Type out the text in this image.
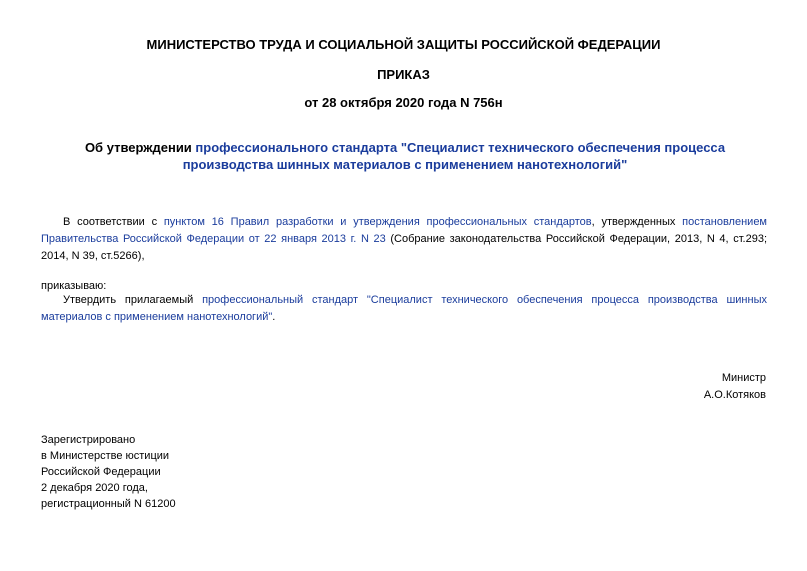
МИНИСТЕРСТВО ТРУДА И СОЦИАЛЬНОЙ ЗАЩИТЫ РОССИЙСКОЙ ФЕДЕРАЦИИ
ПРИКАЗ
от 28 октября 2020 года N 756н
Об утверждении профессионального стандарта "Специалист технического обеспечения процесса производства шинных материалов с применением нанотехнологий"
В соответствии с пунктом 16 Правил разработки и утверждения профессиональных стандартов, утвержденных постановлением Правительства Российской Федерации от 22 января 2013 г. N 23 (Собрание законодательства Российской Федерации, 2013, N 4, ст.293; 2014, N 39, ст.5266),
приказываю:
Утвердить прилагаемый профессиональный стандарт "Специалист технического обеспечения процесса производства шинных материалов с применением нанотехнологий".
Министр
А.О.Котяков
Зарегистрировано
в Министерстве юстиции
Российской Федерации
2 декабря 2020 года,
регистрационный N 61200
